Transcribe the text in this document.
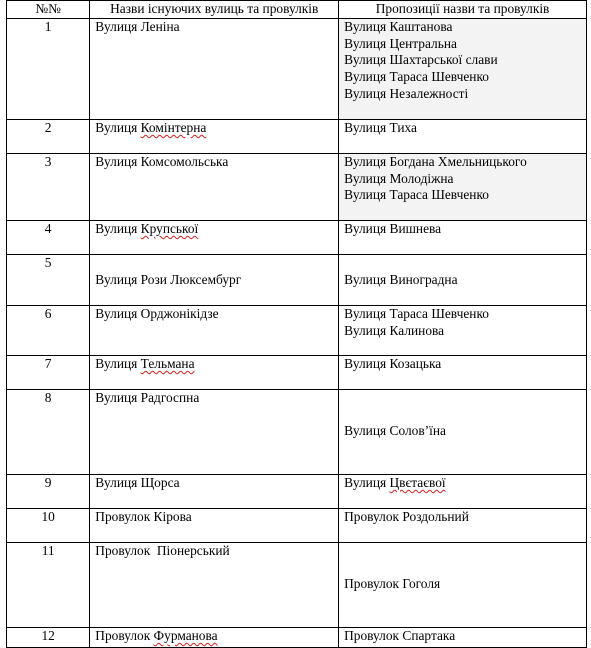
№№	Назви існуючих вулиць та провулків	Пропозиції назви та провулків
1	Вулиця Леніна	Вулиця Каштанова
Вулиця Центральна
Вулиця Шахтарської слави
Вулиця Тараса Шевченко
Вулиця Незалежності

2	Вулиця Комінтерна	Вулиця Тиха

3	Вулиця Комсомольська	Вулиця Богдана Хмельницького
Вулиця Молодіжна
Вулиця Тараса Шевченко

4	Вулиця Крупської	Вулиця Вишнева

5	Вулиця Рози Люксембург	Вулиця Виноградна

6	Вулиця Орджонікідзе	Вулиця Тараса Шевченко
Вулиця Калинова

7	Вулиця Тельмана	Вулиця Козацька

8	Вулиця Радгоспна	Вулиця Солов’їна

9	Вулиця Щорса	Вулиця Цвєтаєвої
10	Провулок Кірова	Провулок Роздольний

11	Провулок  Піонерський	Провулок Гоголя

12	Провулок Фурманова	Провулок Спартака
